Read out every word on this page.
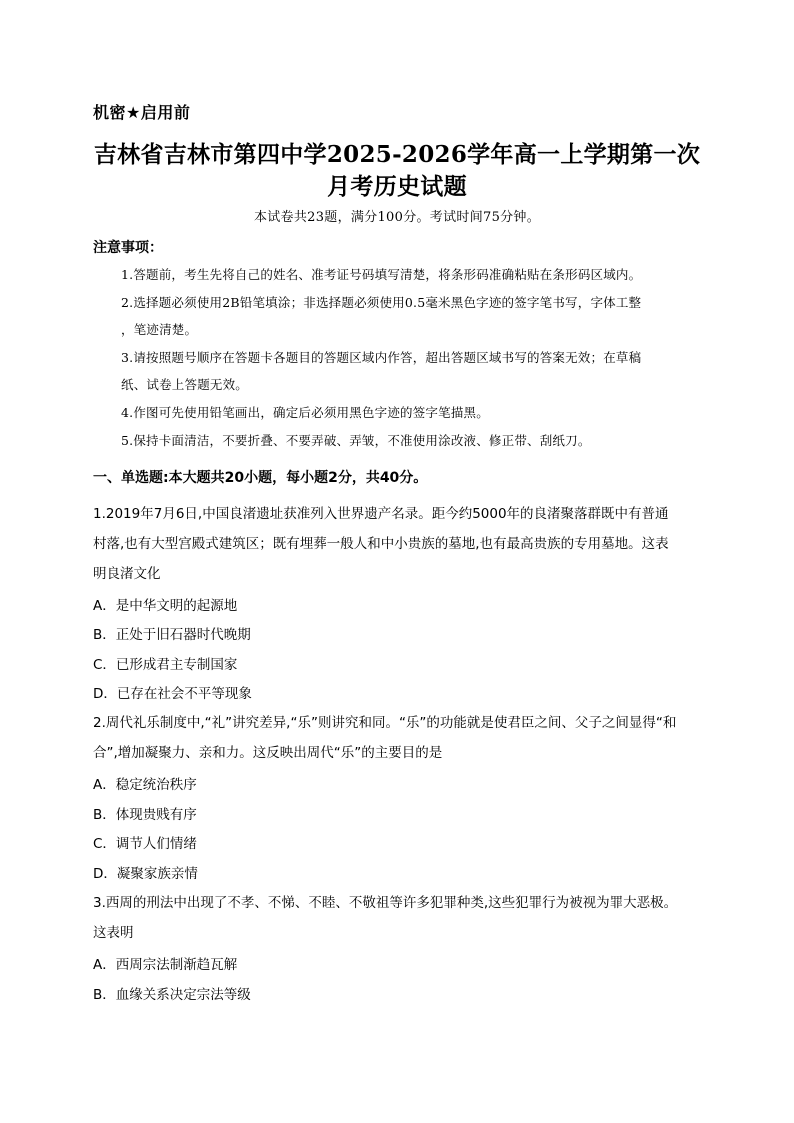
机密★启用前
吉林省吉林市第四中学2025-2026学年高一上学期第一次
月考历史试题
本试卷共23题，满分100分。考试时间75分钟。
注意事项：
1.答题前，考生先将自己的姓名、准考证号码填写清楚，将条形码准确粘贴在条形码区域内。
2.选择题必须使用2B铅笔填涂；非选择题必须使用0.5毫米黑色字迹的签字笔书写，字体工整
，笔迹清楚。
3.请按照题号顺序在答题卡各题目的答题区域内作答，超出答题区域书写的答案无效；在草稿
纸、试卷上答题无效。
4.作图可先使用铅笔画出，确定后必须用黑色字迹的签字笔描黑。
5.保持卡面清洁，不要折叠、不要弄破、弄皱，不准使用涂改液、修正带、刮纸刀。
一、单选题:本大题共20小题，每小题2分，共40分。
1.2019年7月6日,中国良渚遗址获准列入世界遗产名录。距今约5000年的良渚聚落群既中有普通
村落,也有大型宫殿式建筑区；既有埋葬一般人和中小贵族的墓地,也有最高贵族的专用墓地。这表
明良渚文化
A．是中华文明的起源地
B．正处于旧石器时代晚期
C．已形成君主专制国家
D．已存在社会不平等现象
2.周代礼乐制度中,“礼”讲究差异,“乐”则讲究和同。“乐”的功能就是使君臣之间、父子之间显得“和
合”,增加凝聚力、亲和力。这反映出周代“乐”的主要目的是
A．稳定统治秩序
B．体现贵贱有序
C．调节人们情绪
D．凝聚家族亲情
3.西周的刑法中出现了不孝、不悌、不睦、不敬祖等许多犯罪种类,这些犯罪行为被视为罪大恶极。
这表明
A．西周宗法制渐趋瓦解
B．血缘关系决定宗法等级
